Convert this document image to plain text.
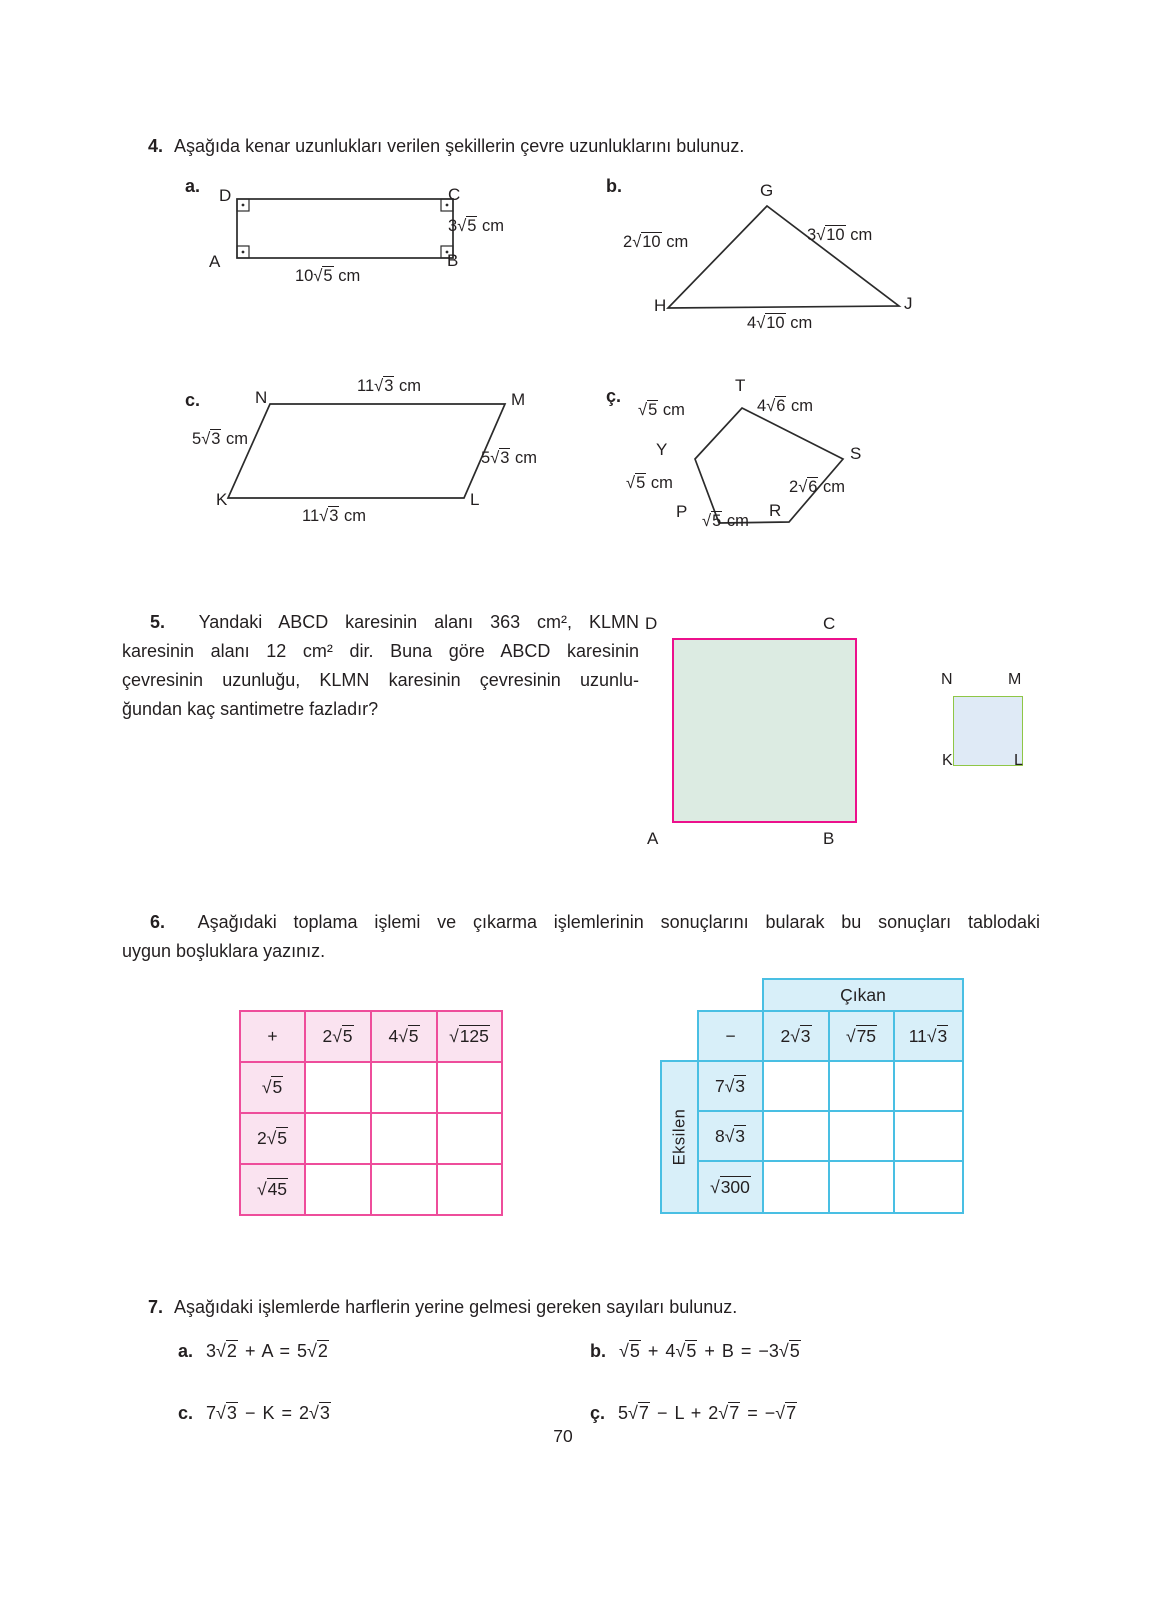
4. Aşağıda kenar uzunlukları verilen şekillerin çevre uzunluklarını bulunuz.
a. D	C
A	B
3√5 cm
10√5 cm
b.	G
H	J
2√10 cm	3√10 cm
4√10 cm
c.	N	M
K	L
11√3 cm
5√3 cm
5√3 cm
11√3 cm
ç.
T
Y	S
P	R
√5 cm	4√6 cm
√5 cm	2√6 cm
√5 cm
5. Yandaki ABCD karesinin alanı 363 cm², KLMN
karesinin alanı 12 cm² dir. Buna göre ABCD karesinin
çevresinin uzunluğu, KLMN karesinin çevresinin uzunlu-
ğundan kaç santimetre fazladır?
D	C
A	B
N	M
K	L
6. Aşağıdaki toplama işlemi ve çıkarma işlemlerinin sonuçlarını bularak bu sonuçları tablodaki
uygun boşluklara yazınız.
+	2√5	4√5	√125
√5			
2√5			
√45			
		Çıkan		
	−	2√3	√75	11√3

Eksilen	7√3			
	8√3			
	√300			
7. Aşağıdaki işlemlerde harflerin yerine gelmesi gereken sayıları bulunuz.
a. 3√2 + A = 5√2	b. √5 + 4√5 + B = −3√5
c. 7√3 − K = 2√3	ç. 5√7 − L + 2√7 = −√7
70
